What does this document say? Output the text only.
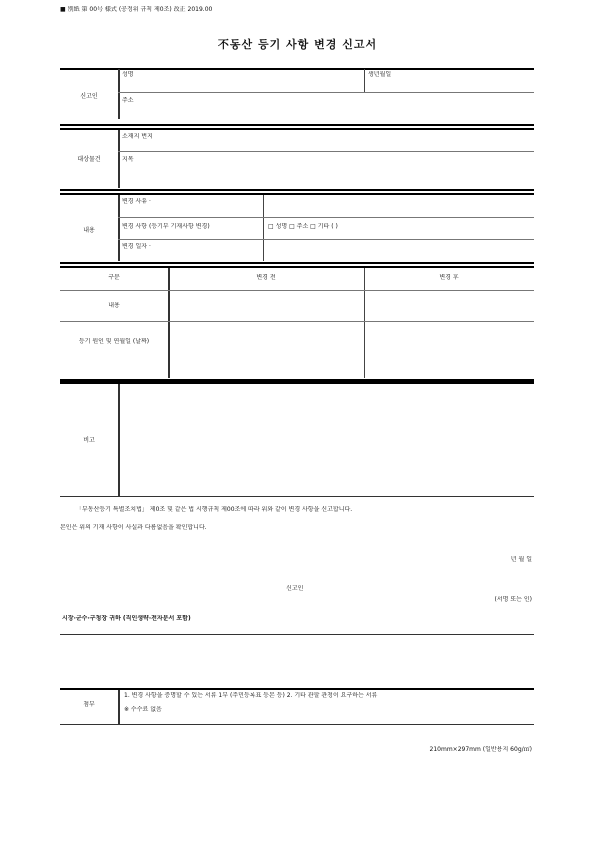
■ 別紙 第 00号 様式 (공정위 규칙 제0조) 改正 2019.00
不동산 등기 사항 변경 신고서
신고인
성명	생년월일
주소
대상물건
소재지 번지
지목
내용
변경 사유 ·
변경 사항 (등기부 기재사항 변경)	□ 성명 □ 주소 □ 기타 ( )
변경 일자 ·
구분	변경 전	변경 후
내용
등기 원인 및 연월일 (날짜)
비고
「부동산등기 특별조치법」 제0조 및 같은 법 시행규칙 제00조에 따라 위와 같이 변경 사항을 신고합니다.
본인은 위의 기재 사항이 사실과 다름없음을 확인합니다.
년 월 일
신고인
(서명 또는 인)
시장·군수·구청장 귀하 (직인생략·전자문서 포함)
첨부
1. 변경 사항을 증명할 수 있는 서류 1부 (주민등록표 등본 등) 2. 기타 관할 관청이 요구하는 서류
※ 수수료 없음
210mm×297mm (일반용지 60g/㎡)
